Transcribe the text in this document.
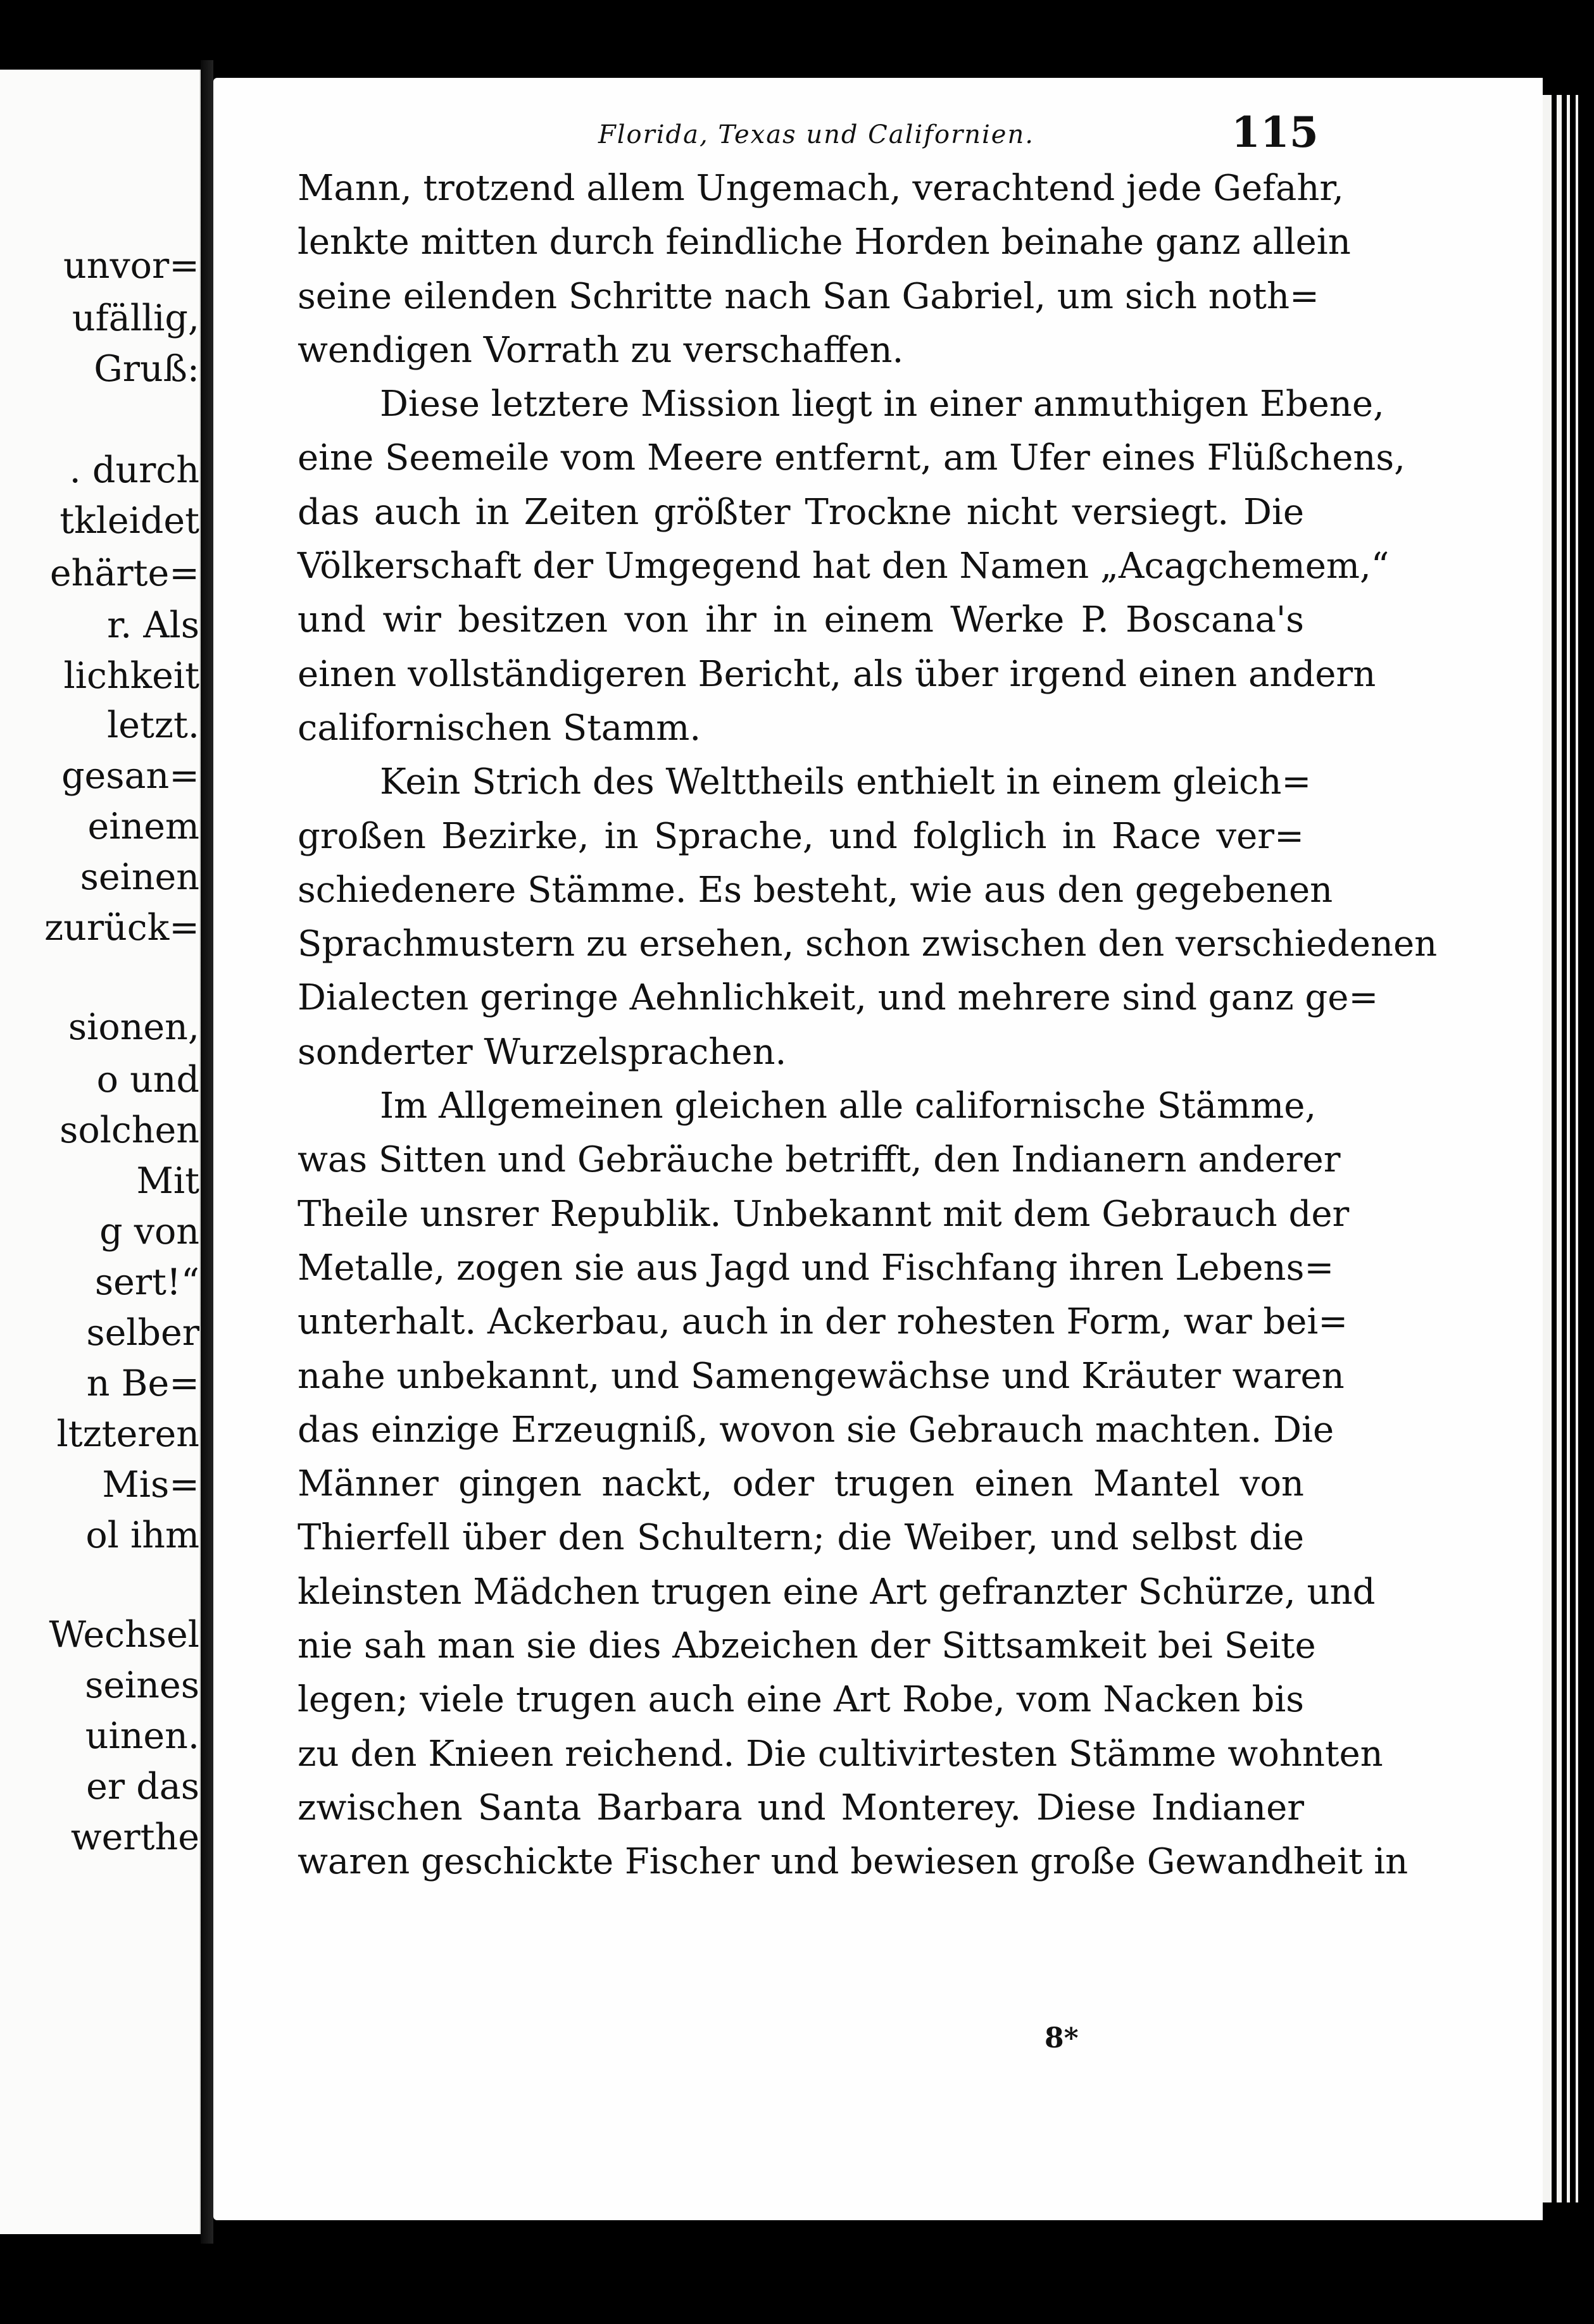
unvor=
ufällig,
Gruß:
. durch
tkleidet
ehärte=
r. Als
lichkeit
letzt.
gesan=
einem
seinen
zurück=
sionen,
o und
solchen
Mit
g von
sert!“
selber
n Be=
ltzteren
Mis=
ol ihm
Wechsel
seines
uinen.
er das
werthe
Florida, Texas und Californien.	115
Mann, trotzend allem Ungemach, verachtend jede Gefahr,
lenkte mitten durch feindliche Horden beinahe ganz allein
seine eilenden Schritte nach San Gabriel, um sich noth=
wendigen Vorrath zu verschaffen.
Diese letztere Mission liegt in einer anmuthigen Ebene,
eine Seemeile vom Meere entfernt, am Ufer eines Flüßchens,
das auch in Zeiten größter Trockne nicht versiegt. Die
Völkerschaft der Umgegend hat den Namen „Acagchemem,“
und wir besitzen von ihr in einem Werke P. Boscana's
einen vollständigeren Bericht, als über irgend einen andern
californischen Stamm.
Kein Strich des Welttheils enthielt in einem gleich=
großen Bezirke, in Sprache, und folglich in Race ver=
schiedenere Stämme. Es besteht, wie aus den gegebenen
Sprachmustern zu ersehen, schon zwischen den verschiedenen
Dialecten geringe Aehnlichkeit, und mehrere sind ganz ge=
sonderter Wurzelsprachen.
Im Allgemeinen gleichen alle californische Stämme,
was Sitten und Gebräuche betrifft, den Indianern anderer
Theile unsrer Republik. Unbekannt mit dem Gebrauch der
Metalle, zogen sie aus Jagd und Fischfang ihren Lebens=
unterhalt. Ackerbau, auch in der rohesten Form, war bei=
nahe unbekannt, und Samengewächse und Kräuter waren
das einzige Erzeugniß, wovon sie Gebrauch machten. Die
Männer gingen nackt, oder trugen einen Mantel von
Thierfell über den Schultern; die Weiber, und selbst die
kleinsten Mädchen trugen eine Art gefranzter Schürze, und
nie sah man sie dies Abzeichen der Sittsamkeit bei Seite
legen; viele trugen auch eine Art Robe, vom Nacken bis
zu den Knieen reichend. Die cultivirtesten Stämme wohnten
zwischen Santa Barbara und Monterey. Diese Indianer
waren geschickte Fischer und bewiesen große Gewandheit in
8*
